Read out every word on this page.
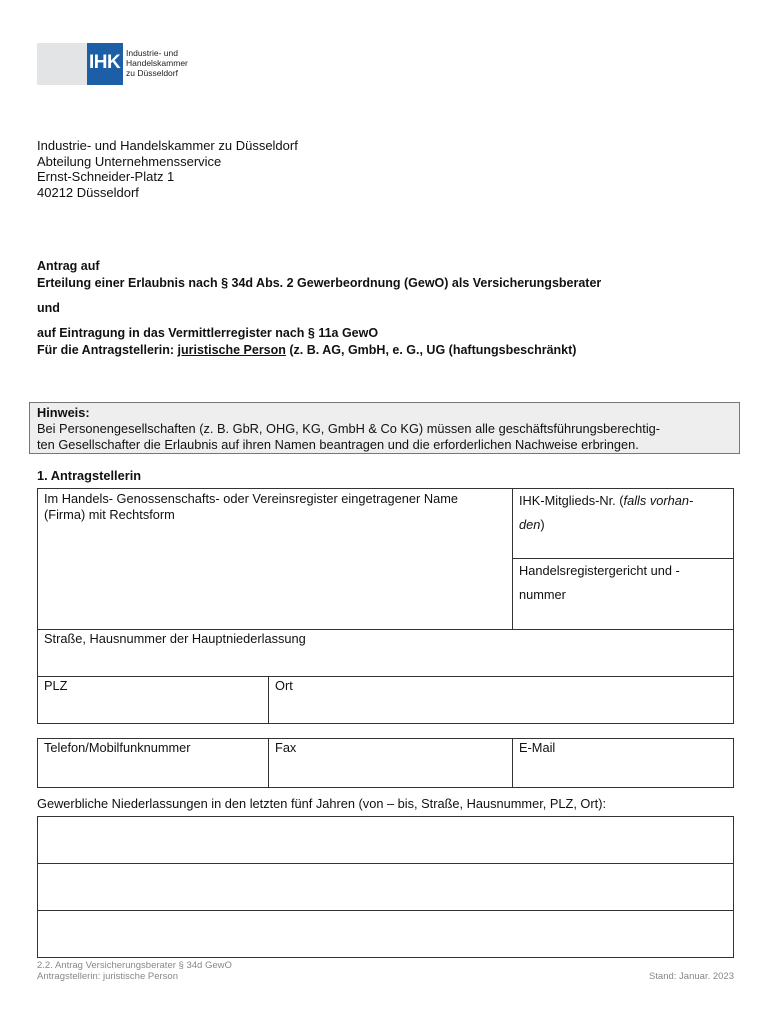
IHK Industrie- und Handelskammer
zu Düsseldorf
Industrie- und Handelskammer zu Düsseldorf
Abteilung Unternehmensservice
Ernst-Schneider-Platz 1
40212 Düsseldorf
Antrag auf
Erteilung einer Erlaubnis nach § 34d Abs. 2 Gewerbeordnung (GewO) als Versicherungsberater
und
auf Eintragung in das Vermittlerregister nach § 11a GewO
Für die Antragstellerin: juristische Person (z. B. AG, GmbH, e. G., UG (haftungsbeschränkt)
Hinweis:
Bei Personengesellschaften (z. B. GbR, OHG, KG, GmbH & Co KG) müssen alle geschäftsführungsberechtig-
ten Gesellschafter die Erlaubnis auf ihren Namen beantragen und die erforderlichen Nachweise erbringen.
1. Antragstellerin
Im Handels- Genossenschafts- oder Vereinsregister eingetragener Name (Firma) mit Rechtsform
IHK-Mitglieds-Nr. (falls vorhan-
den)
Handelsregistergericht und -
nummer
Straße, Hausnummer der Hauptniederlassung
PLZ	Ort
Telefon/Mobilfunknummer	Fax	E-Mail
Gewerbliche Niederlassungen in den letzten fünf Jahren (von – bis, Straße, Hausnummer, PLZ, Ort):
2.2. Antrag Versicherungsberater § 34d GewO
Antragstellerin: juristische Person	Stand: Januar. 2023
